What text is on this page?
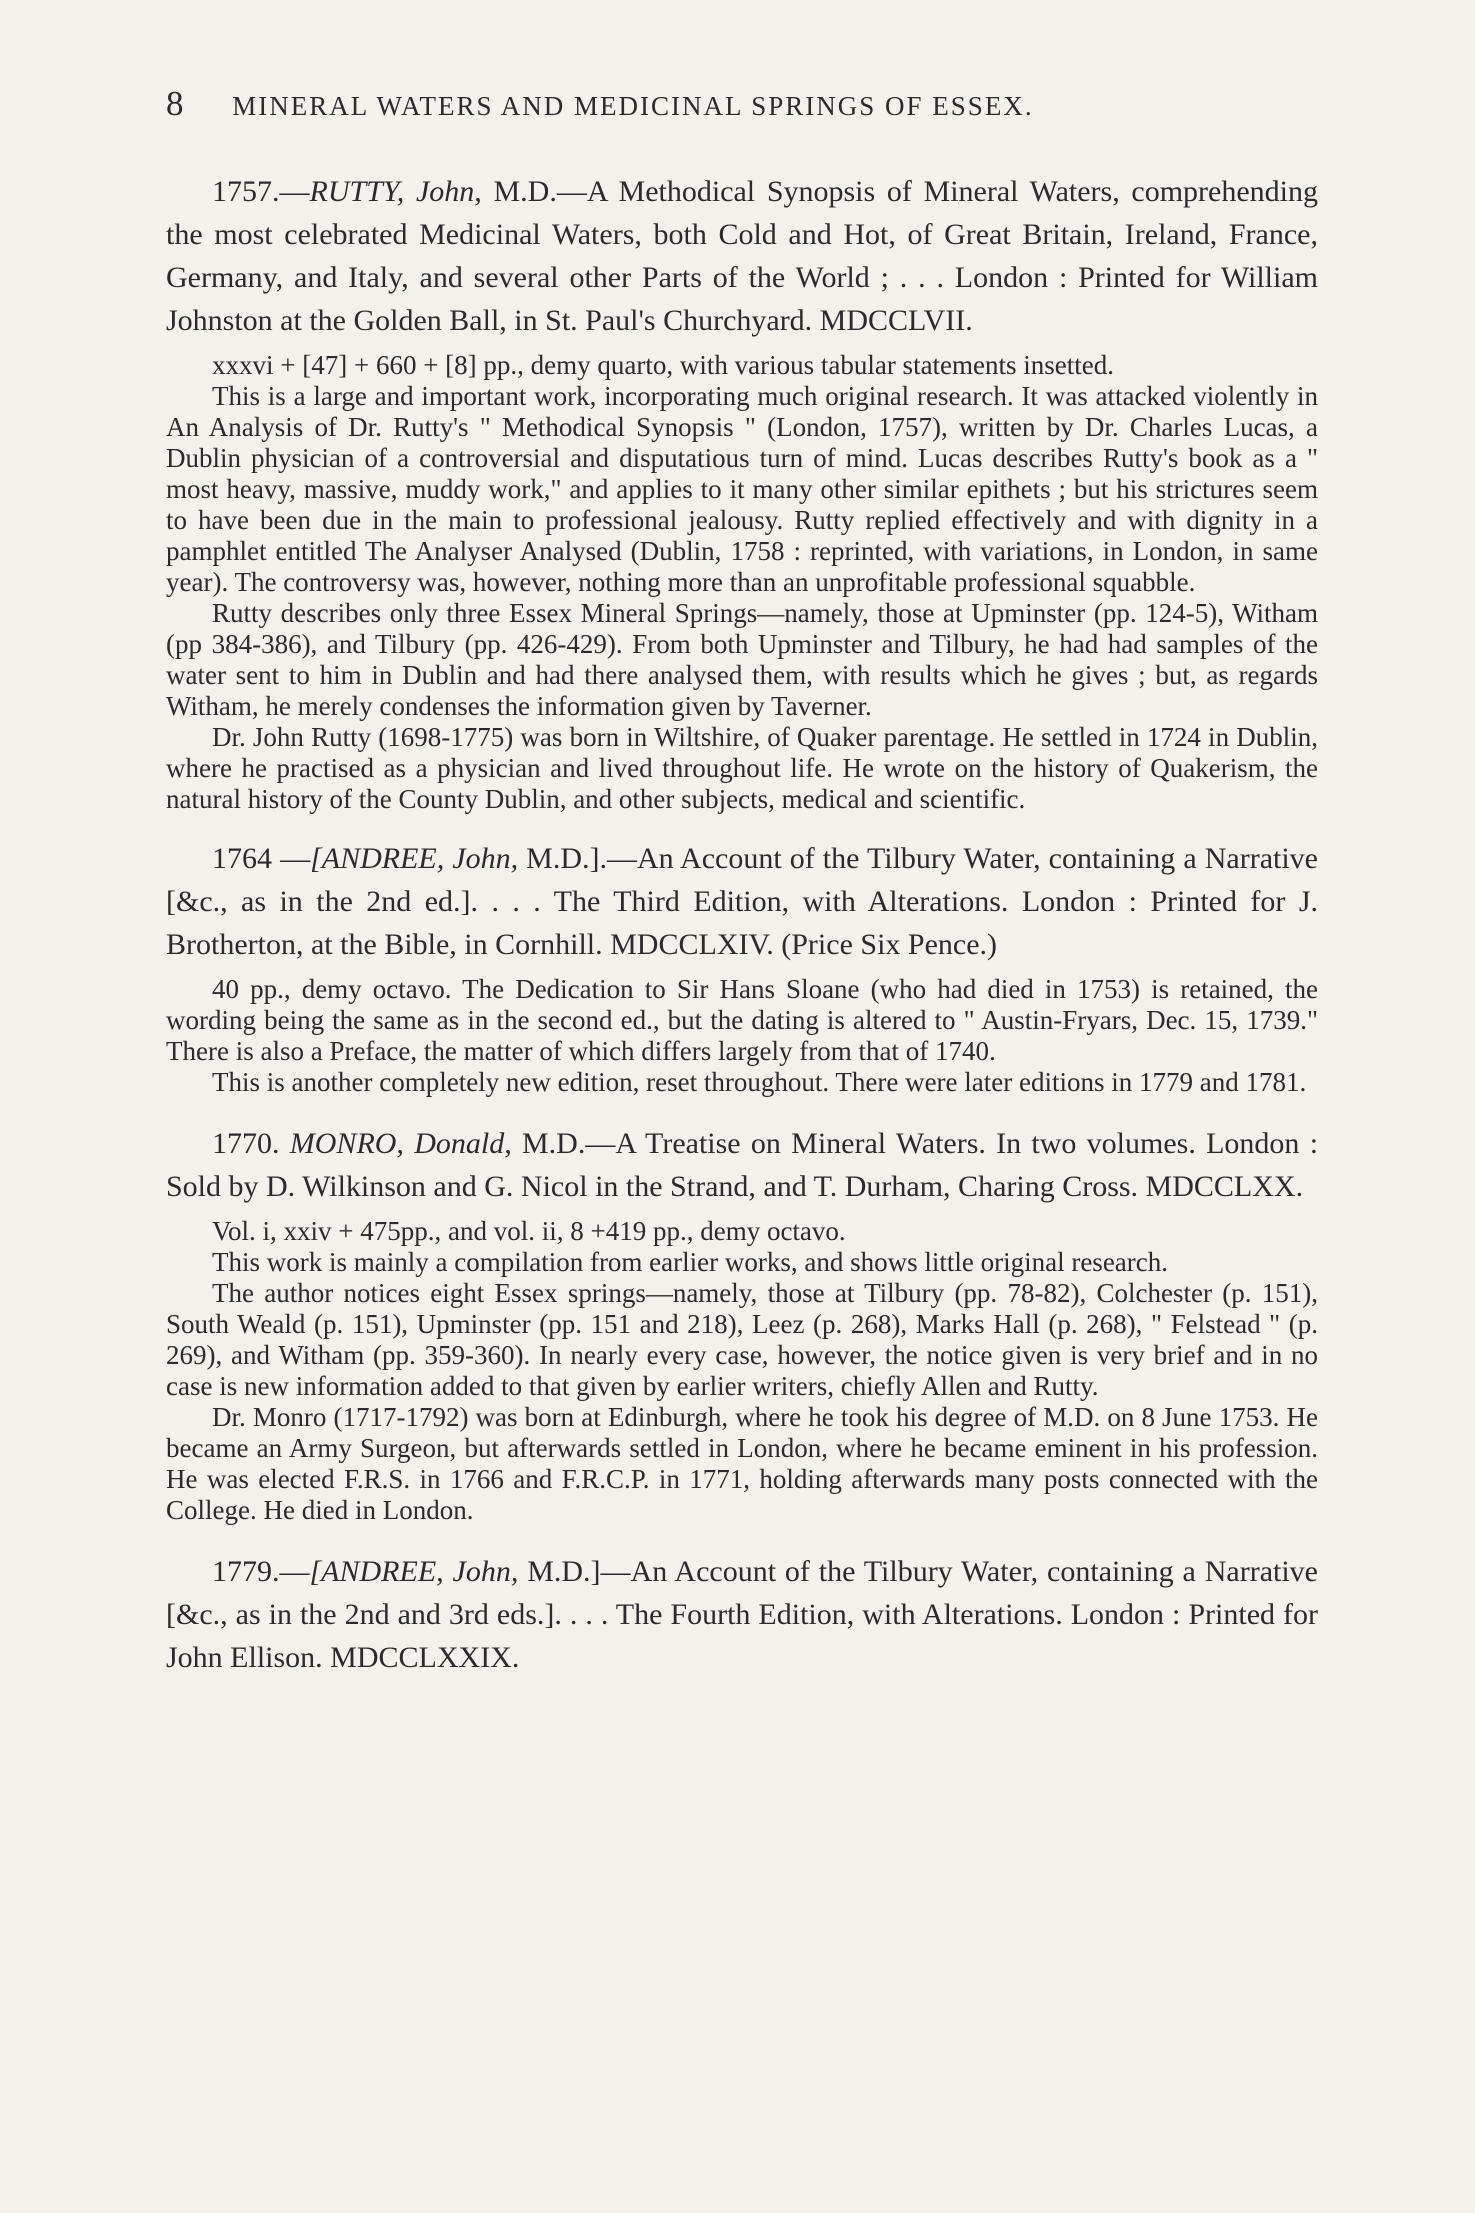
8 MINERAL WATERS AND MEDICINAL SPRINGS OF ESSEX.

1757.—RUTTY, John, M.D.—A Methodical Synopsis of Mineral Waters, comprehending the most celebrated Medicinal Waters, both Cold and Hot, of Great Britain, Ireland, France, Germany, and Italy, and several other Parts of the World ; . . . London : Printed for William Johnston at the Golden Ball, in St. Paul's Churchyard. MDCCLVII.

xxxvi + [47] + 660 + [8] pp., demy quarto, with various tabular statements insetted.

This is a large and important work, incorporating much original research. It was attacked violently in An Analysis of Dr. Rutty's " Methodical Synopsis " (London, 1757), written by Dr. Charles Lucas, a Dublin physician of a controversial and disputatious turn of mind. Lucas describes Rutty's book as a " most heavy, massive, muddy work," and applies to it many other similar epithets ; but his strictures seem to have been due in the main to professional jealousy. Rutty replied effectively and with dignity in a pamphlet entitled The Analyser Analysed (Dublin, 1758 : reprinted, with variations, in London, in same year). The controversy was, however, nothing more than an unprofitable professional squabble.

Rutty describes only three Essex Mineral Springs—namely, those at Upminster (pp. 124-5), Witham (pp 384-386), and Tilbury (pp. 426-429). From both Upminster and Tilbury, he had had samples of the water sent to him in Dublin and had there analysed them, with results which he gives ; but, as regards Witham, he merely condenses the information given by Taverner.

Dr. John Rutty (1698-1775) was born in Wiltshire, of Quaker parentage. He settled in 1724 in Dublin, where he practised as a physician and lived throughout life. He wrote on the history of Quakerism, the natural history of the County Dublin, and other subjects, medical and scientific.

1764 —[ANDREE, John, M.D.].—An Account of the Tilbury Water, containing a Narrative [&c., as in the 2nd ed.]. . . . The Third Edition, with Alterations. London : Printed for J. Brotherton, at the Bible, in Cornhill. MDCCLXIV. (Price Six Pence.)

40 pp., demy octavo. The Dedication to Sir Hans Sloane (who had died in 1753) is retained, the wording being the same as in the second ed., but the dating is altered to " Austin-Fryars, Dec. 15, 1739." There is also a Preface, the matter of which differs largely from that of 1740.

This is another completely new edition, reset throughout. There were later editions in 1779 and 1781.

1770. MONRO, Donald, M.D.—A Treatise on Mineral Waters. In two volumes. London : Sold by D. Wilkinson and G. Nicol in the Strand, and T. Durham, Charing Cross. MDCCLXX.

Vol. i, xxiv + 475pp., and vol. ii, 8 +419 pp., demy octavo.

This work is mainly a compilation from earlier works, and shows little original research.

The author notices eight Essex springs—namely, those at Tilbury (pp. 78-82), Colchester (p. 151), South Weald (p. 151), Upminster (pp. 151 and 218), Leez (p. 268), Marks Hall (p. 268), " Felstead " (p. 269), and Witham (pp. 359-360). In nearly every case, however, the notice given is very brief and in no case is new information added to that given by earlier writers, chiefly Allen and Rutty.

Dr. Monro (1717-1792) was born at Edinburgh, where he took his degree of M.D. on 8 June 1753. He became an Army Surgeon, but afterwards settled in London, where he became eminent in his profession. He was elected F.R.S. in 1766 and F.R.C.P. in 1771, holding afterwards many posts connected with the College. He died in London.

1779.—[ANDREE, John, M.D.]—An Account of the Tilbury Water, containing a Narrative [&c., as in the 2nd and 3rd eds.]. . . . The Fourth Edition, with Alterations. London : Printed for John Ellison. MDCCLXXIX.
